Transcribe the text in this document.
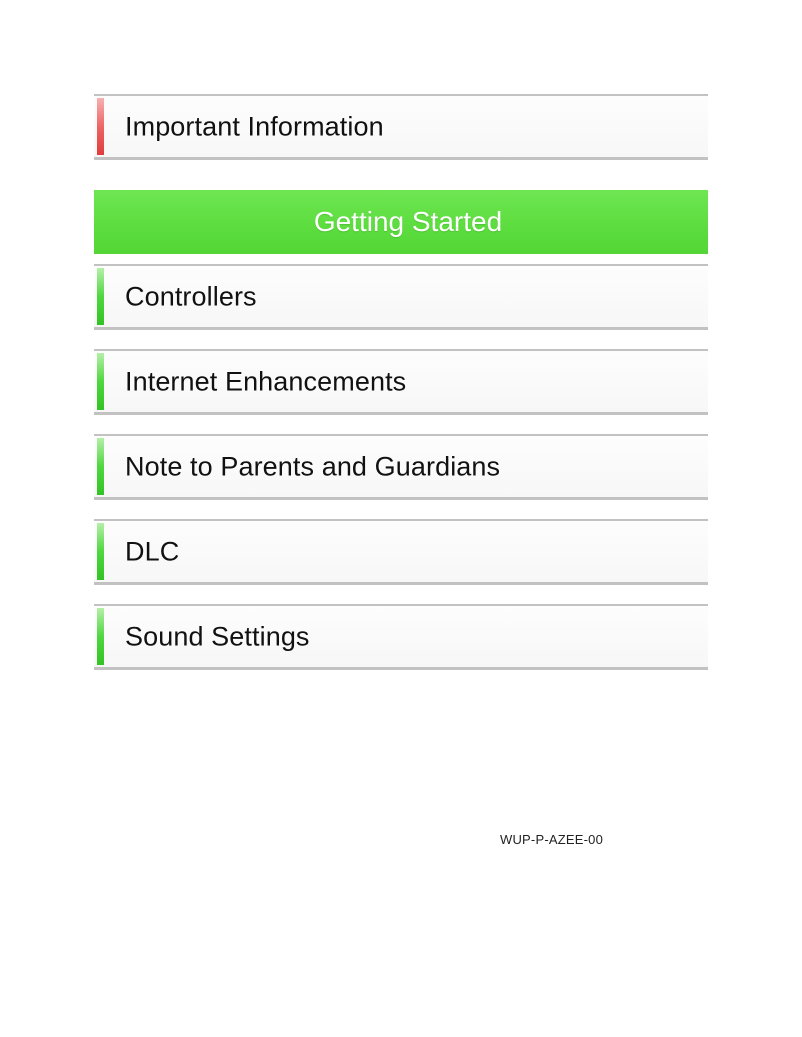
Important Information
Getting Started
Controllers
Internet Enhancements
Note to Parents and Guardians
DLC
Sound Settings
WUP-P-AZEE-00
